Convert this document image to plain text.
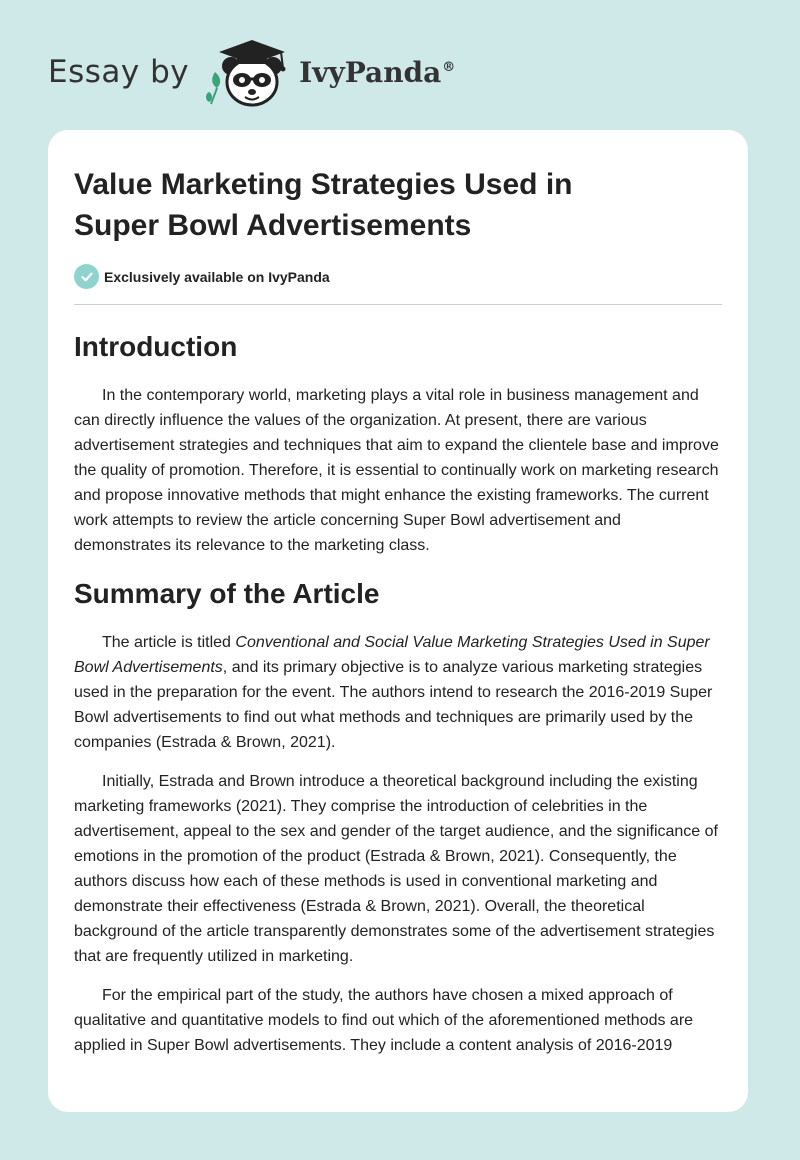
Essay by	IvyPanda®
Value Marketing Strategies Used in
Super Bowl Advertisements
Exclusively available on IvyPanda
Introduction

In the contemporary world, marketing plays a vital role in business management and can directly influence the values of the organization. At present, there are various advertisement strategies and techniques that aim to expand the clientele base and improve the quality of promotion. Therefore, it is essential to continually work on marketing research and propose innovative methods that might enhance the existing frameworks. The current work attempts to review the article concerning Super Bowl advertisement and demonstrates its relevance to the marketing class.

Summary of the Article

The article is titled Conventional and Social Value Marketing Strategies Used in Super Bowl Advertisements, and its primary objective is to analyze various marketing strategies used in the preparation for the event. The authors intend to research the 2016-2019 Super Bowl advertisements to find out what methods and techniques are primarily used by the companies (Estrada & Brown, 2021).

Initially, Estrada and Brown introduce a theoretical background including the existing marketing frameworks (2021). They comprise the introduction of celebrities in the advertisement, appeal to the sex and gender of the target audience, and the significance of emotions in the promotion of the product (Estrada & Brown, 2021). Consequently, the authors discuss how each of these methods is used in conventional marketing and demonstrate their effectiveness (Estrada & Brown, 2021). Overall, the theoretical background of the article transparently demonstrates some of the advertisement strategies that are frequently utilized in marketing.

For the empirical part of the study, the authors have chosen a mixed approach of qualitative and quantitative models to find out which of the aforementioned methods are applied in Super Bowl advertisements. They include a content analysis of 2016-2019
